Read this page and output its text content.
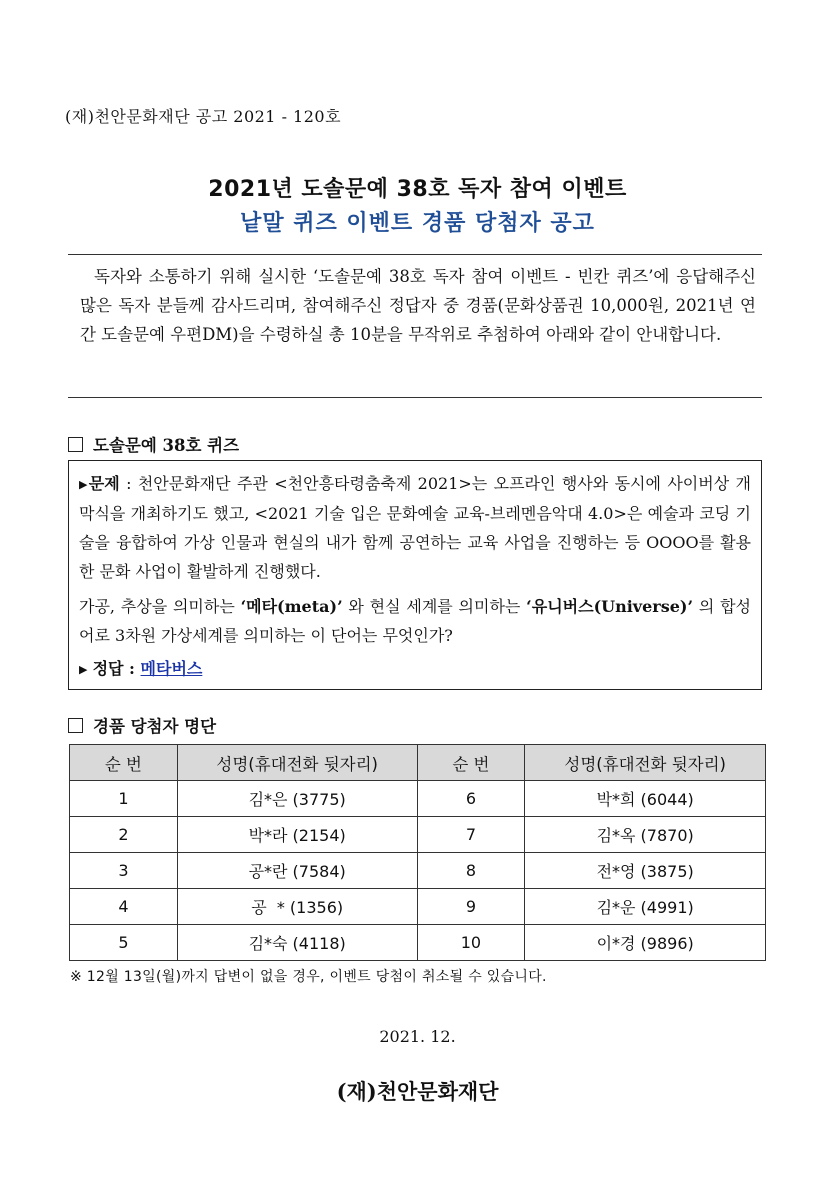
(재)천안문화재단 공고 2021 - 120호
2021년 도솔문예 38호 독자 참여 이벤트
낱말 퀴즈 이벤트 경품 당첨자 공고

독자와 소통하기 위해 실시한 ‘도솔문예 38호 독자 참여 이벤트 - 빈칸 퀴즈’에 응답해주신 많은 독자 분들께 감사드리며, 참여해주신 정답자 중 경품(문화상품권 10,000원, 2021년 연간 도솔문예 우편DM)을 수령하실 총 10분을 무작위로 추첨하여 아래와 같이 안내합니다.

도솔문예 38호 퀴즈

▶문제 : 천안문화재단 주관 <천안흥타령춤축제 2021>는 오프라인 행사와 동시에 사이버상 개막식을 개최하기도 했고, <2021 기술 입은 문화예술 교육-브레멘음악대 4.0>은 예술과 코딩 기술을 융합하여 가상 인물과 현실의 내가 함께 공연하는 교육 사업을 진행하는 등 OOOO를 활용한 문화 사업이 활발하게 진행했다.

가공, 추상을 의미하는 ‘메타(meta)’ 와 현실 세계를 의미하는 ‘유니버스(Universe)’ 의 합성어로 3차원 가상세계를 의미하는 이 단어는 무엇인가?

▶ 정답 : 메타버스

경품 당첨자 명단
순 번	성명(휴대전화 뒷자리)	순 번	성명(휴대전화 뒷자리)
1	김*은 (3775)	6	박*희 (6044)
2	박*라 (2154)	7	김*옥 (7870)
3	공*란 (7584)	8	전*영 (3875)
4	공  * (1356)	9	김*운 (4991)
5	김*숙 (4118)	10	이*경 (9896)
※ 12월 13일(월)까지 답변이 없을 경우, 이벤트 당첨이 취소될 수 있습니다.
2021. 12.
(재)천안문화재단
